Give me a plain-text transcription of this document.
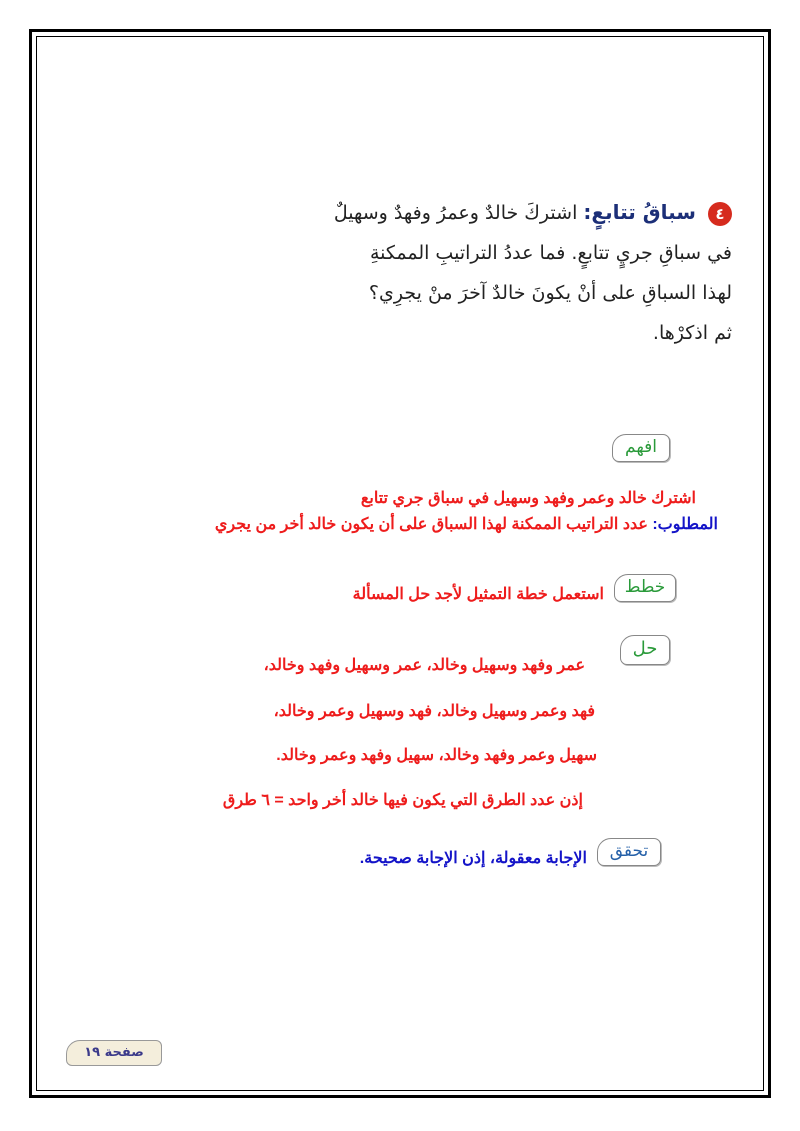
٤ سباقُ تتابعٍ: اشتركَ خالدٌ وعمرُ وفهدٌ وسهيلٌ
في سباقِ جريٍ تتابعٍ. فما عددُ التراتيبِ الممكنةِ
لهذا السباقِ على أنْ يكونَ خالدٌ آخرَ منْ يجرِي؟
ثم اذكرْها.
افهم
اشترك خالد وعمر وفهد وسهيل في سباق جري تتابع
المطلوب: عدد التراتيب الممكنة لهذا السباق على أن يكون خالد أخر من يجري
خطط
استعمل خطة التمثيل لأجد حل المسألة
حل
عمر وفهد وسهيل وخالد، عمر وسهيل وفهد وخالد،
فهد وعمر وسهيل وخالد، فهد وسهيل وعمر وخالد،
سهيل وعمر وفهد وخالد، سهيل وفهد وعمر وخالد.
إذن عدد الطرق التي يكون فيها خالد أخر واحد = ٦ طرق
تحقق
الإجابة معقولة، إذن الإجابة صحيحة.
صفحة ١٩
